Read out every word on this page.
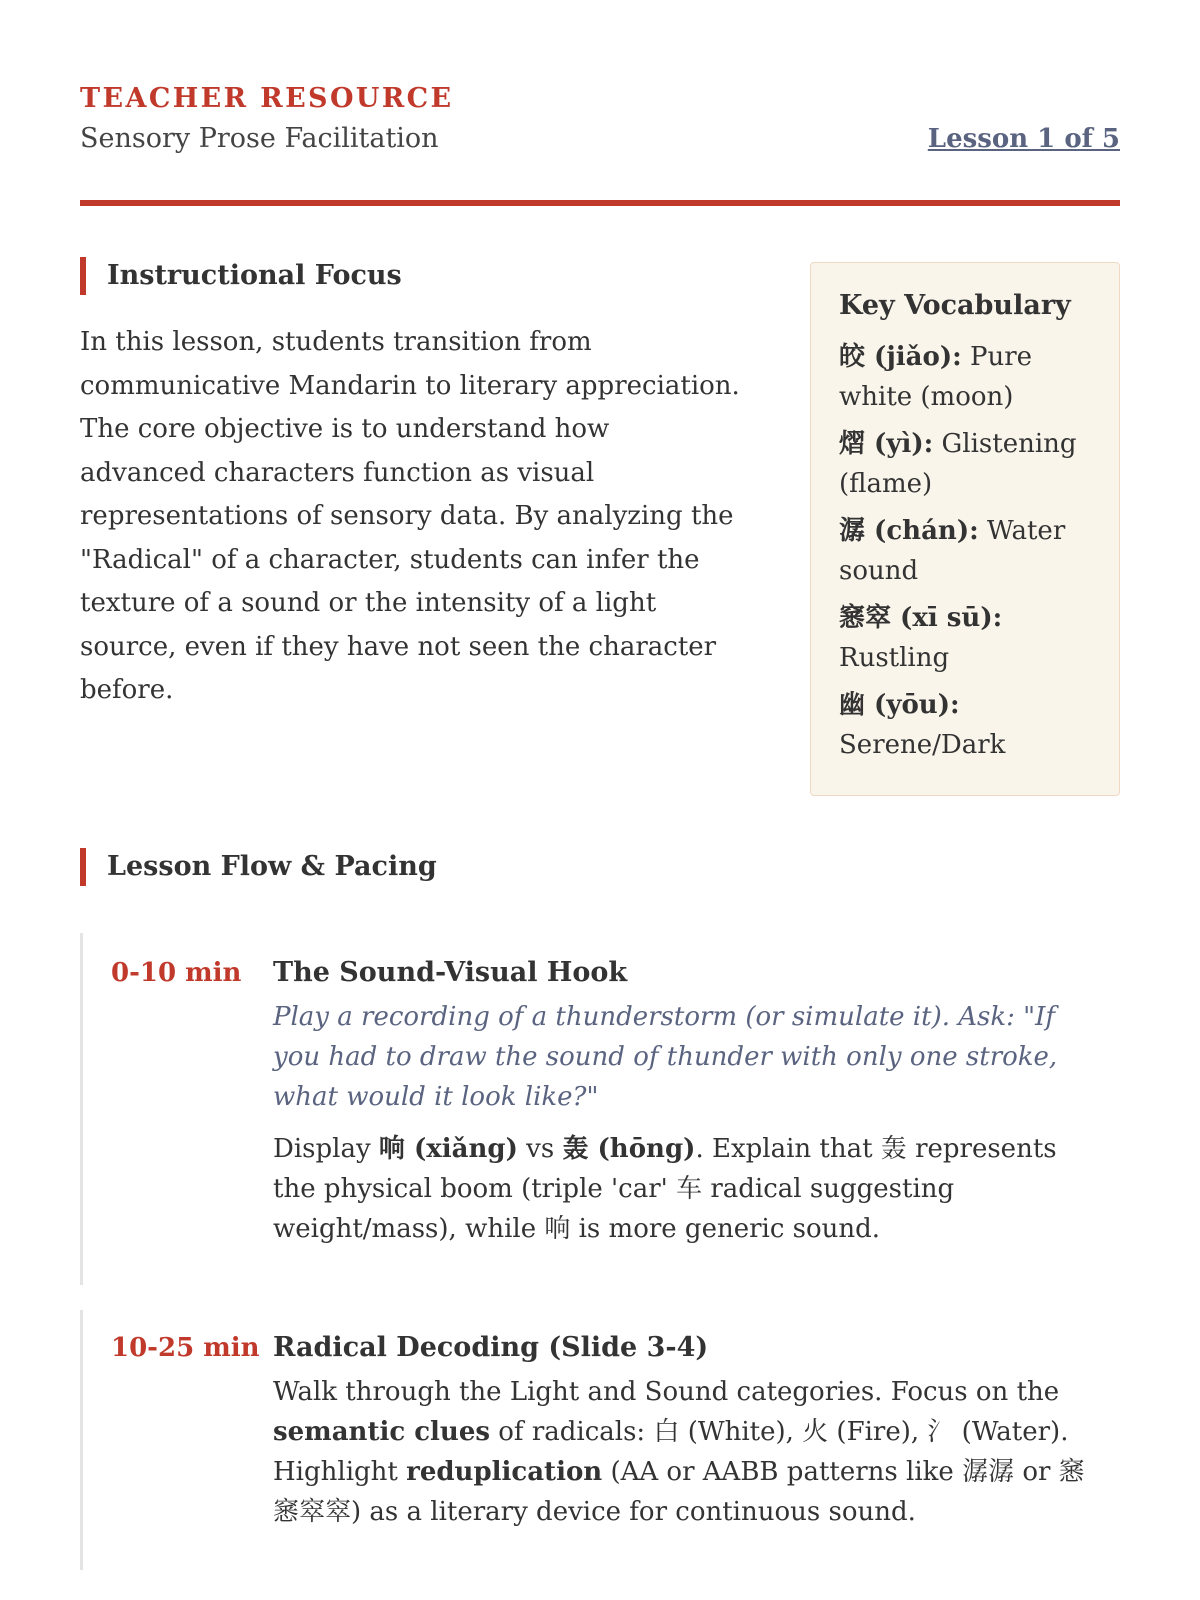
TEACHER RESOURCE
Sensory Prose Facilitation	Lesson 1 of 5
Instructional Focus
In this lesson, students transition from communicative Mandarin to literary appreciation. The core objective is to understand how advanced characters function as visual representations of sensory data. By analyzing the "Radical" of a character, students can infer the texture of a sound or the intensity of a light source, even if they have not seen the character before.
Key Vocabulary
皎 (jiǎo): Pure white (moon)
熠 (yì): Glistening (flame)
潺 (chán): Water sound
窸窣 (xī sū): Rustling
幽 (yōu): Serene/Dark
Lesson Flow & Pacing
0-10 min The Sound-Visual Hook
Play a recording of a thunderstorm (or simulate it). Ask: "If you had to draw the sound of thunder with only one stroke, what would it look like?"
Display 响 (xiǎng) vs 轰 (hōng). Explain that 轰 represents the physical boom (triple 'car' 车 radical suggesting weight/mass), while 响 is more generic sound.
10-25 min Radical Decoding (Slide 3-4)
Walk through the Light and Sound categories. Focus on the semantic clues of radicals: 白 (White), 火 (Fire), 氵 (Water). Highlight reduplication (AA or AABB patterns like 潺潺 or 窸窸窣窣) as a literary device for continuous sound.
